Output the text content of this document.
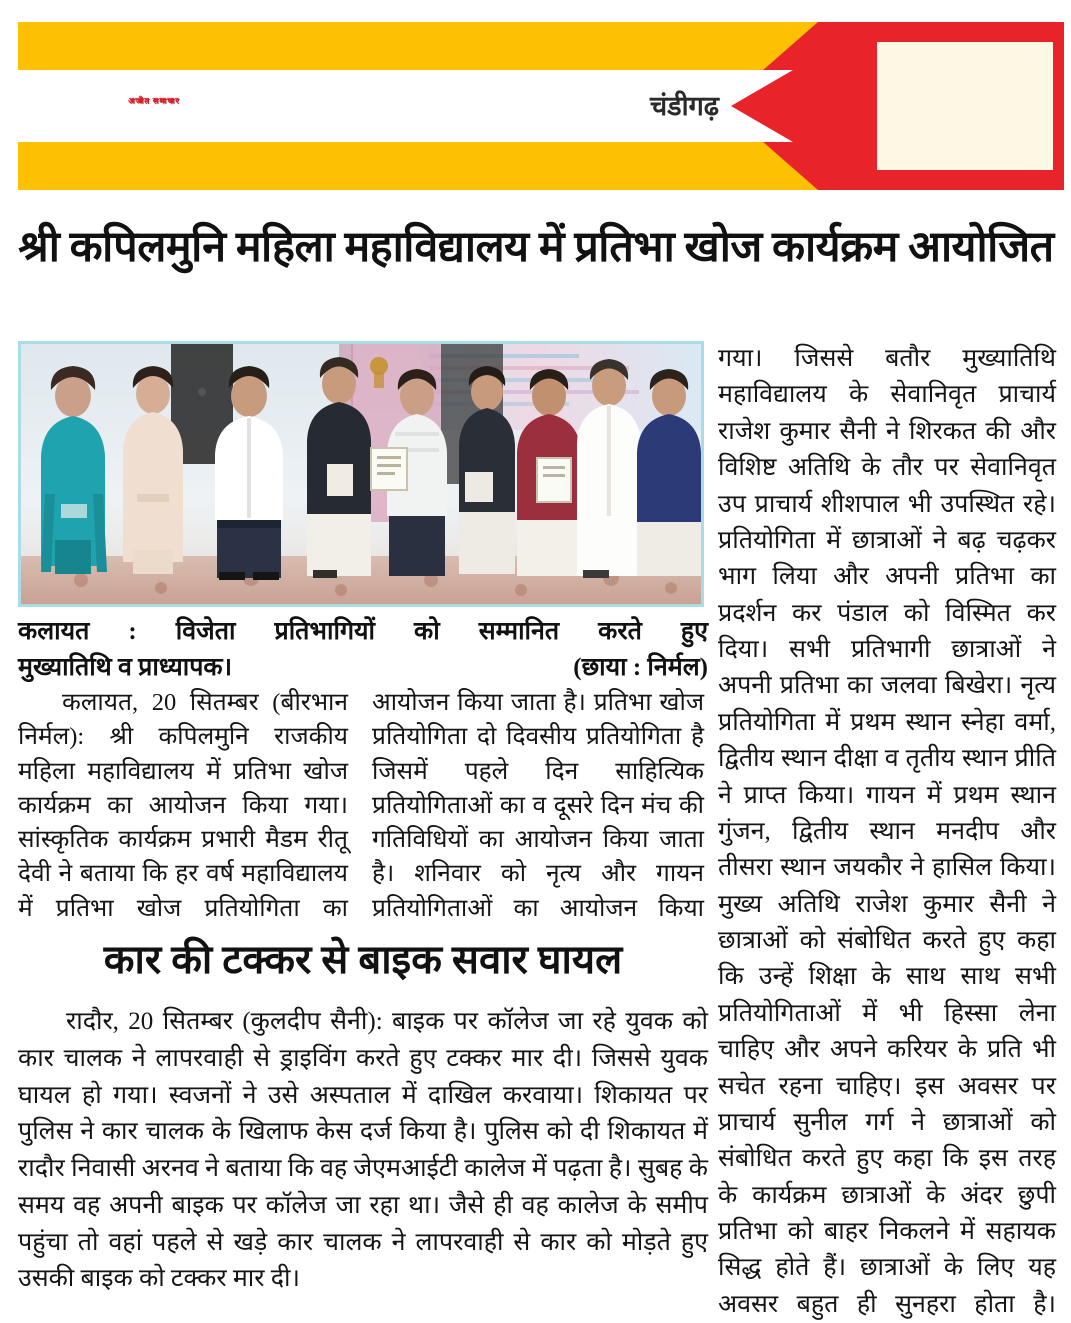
अजीत समाचार	चंडीगढ़
श्री कपिलमुनि महिला महाविद्यालय में प्रतिभा खोज कार्यक्रम आयोजित
कलायत : विजेता प्रतिभागियों को सम्मानित करते हुए
मुख्यातिथि व प्राध्यापक।	(छाया : निर्मल)
कलायत, 20 सितम्बर (बीरभान निर्मल): श्री कपिलमुनि राजकीय महिला महाविद्यालय में प्रतिभा खोज कार्यक्रम का आयोजन किया गया। सांस्कृतिक कार्यक्रम प्रभारी मैडम रीतू देवी ने बताया कि हर वर्ष महाविद्यालय में प्रतिभा खोज प्रतियोगिता का
आयोजन किया जाता है। प्रतिभा खोज प्रतियोगिता दो दिवसीय प्रतियोगिता है जिसमें पहले दिन साहित्यिक प्रतियोगिताओं का व दूसरे दिन मंच की गतिविधियों का आयोजन किया जाता है। शनिवार को नृत्य और गायन प्रतियोगिताओं का आयोजन किया

गया। जिससे बतौर मुख्यातिथि महाविद्यालय के सेवानिवृत प्राचार्य राजेश कुमार सैनी ने शिरकत की और विशिष्ट अतिथि के तौर पर सेवानिवृत उप प्राचार्य शीशपाल भी उपस्थित रहे। प्रतियोगिता में छात्राओं ने बढ़ चढ़कर भाग लिया और अपनी प्रतिभा का प्रदर्शन कर पंडाल को विस्मित कर दिया। सभी प्रतिभागी छात्राओं ने अपनी प्रतिभा का जलवा बिखेरा। नृत्य प्रतियोगिता में प्रथम स्थान स्नेहा वर्मा, द्वितीय स्थान दीक्षा व तृतीय स्थान प्रीति ने प्राप्त किया। गायन में प्रथम स्थान गुंजन, द्वितीय स्थान मनदीप और तीसरा स्थान जयकौर ने हासिल किया। मुख्य अतिथि राजेश कुमार सैनी ने छात्राओं को संबोधित करते हुए कहा कि उन्हें शिक्षा के साथ साथ सभी प्रतियोगिताओं में भी हिस्सा लेना चाहिए और अपने करियर के प्रति भी सचेत रहना चाहिए। इस अवसर पर प्राचार्य सुनील गर्ग ने छात्राओं को संबोधित करते हुए कहा कि इस तरह के कार्यक्रम छात्राओं के अंदर छुपी प्रतिभा को बाहर निकलने में सहायक सिद्ध होते हैं। छात्राओं के लिए यह अवसर बहुत ही सुनहरा होता है।

कार की टक्कर से बाइक सवार घायल
रादौर, 20 सितम्बर (कुलदीप सैनी): बाइक पर कॉलेज जा रहे युवक को कार चालक ने लापरवाही से ड्राइविंग करते हुए टक्कर मार दी। जिससे युवक घायल हो गया। स्वजनों ने उसे अस्पताल में दाखिल करवाया। शिकायत पर पुलिस ने कार चालक के खिलाफ केस दर्ज किया है। पुलिस को दी शिकायत में रादौर निवासी अरनव ने बताया कि वह जेएमआईटी कालेज में पढ़ता है। सुबह के समय वह अपनी बाइक पर कॉलेज जा रहा था। जैसे ही वह कालेज के समीप पहुंचा तो वहां पहले से खड़े कार चालक ने लापरवाही से कार को मोड़ते हुए उसकी बाइक को टक्कर मार दी।
